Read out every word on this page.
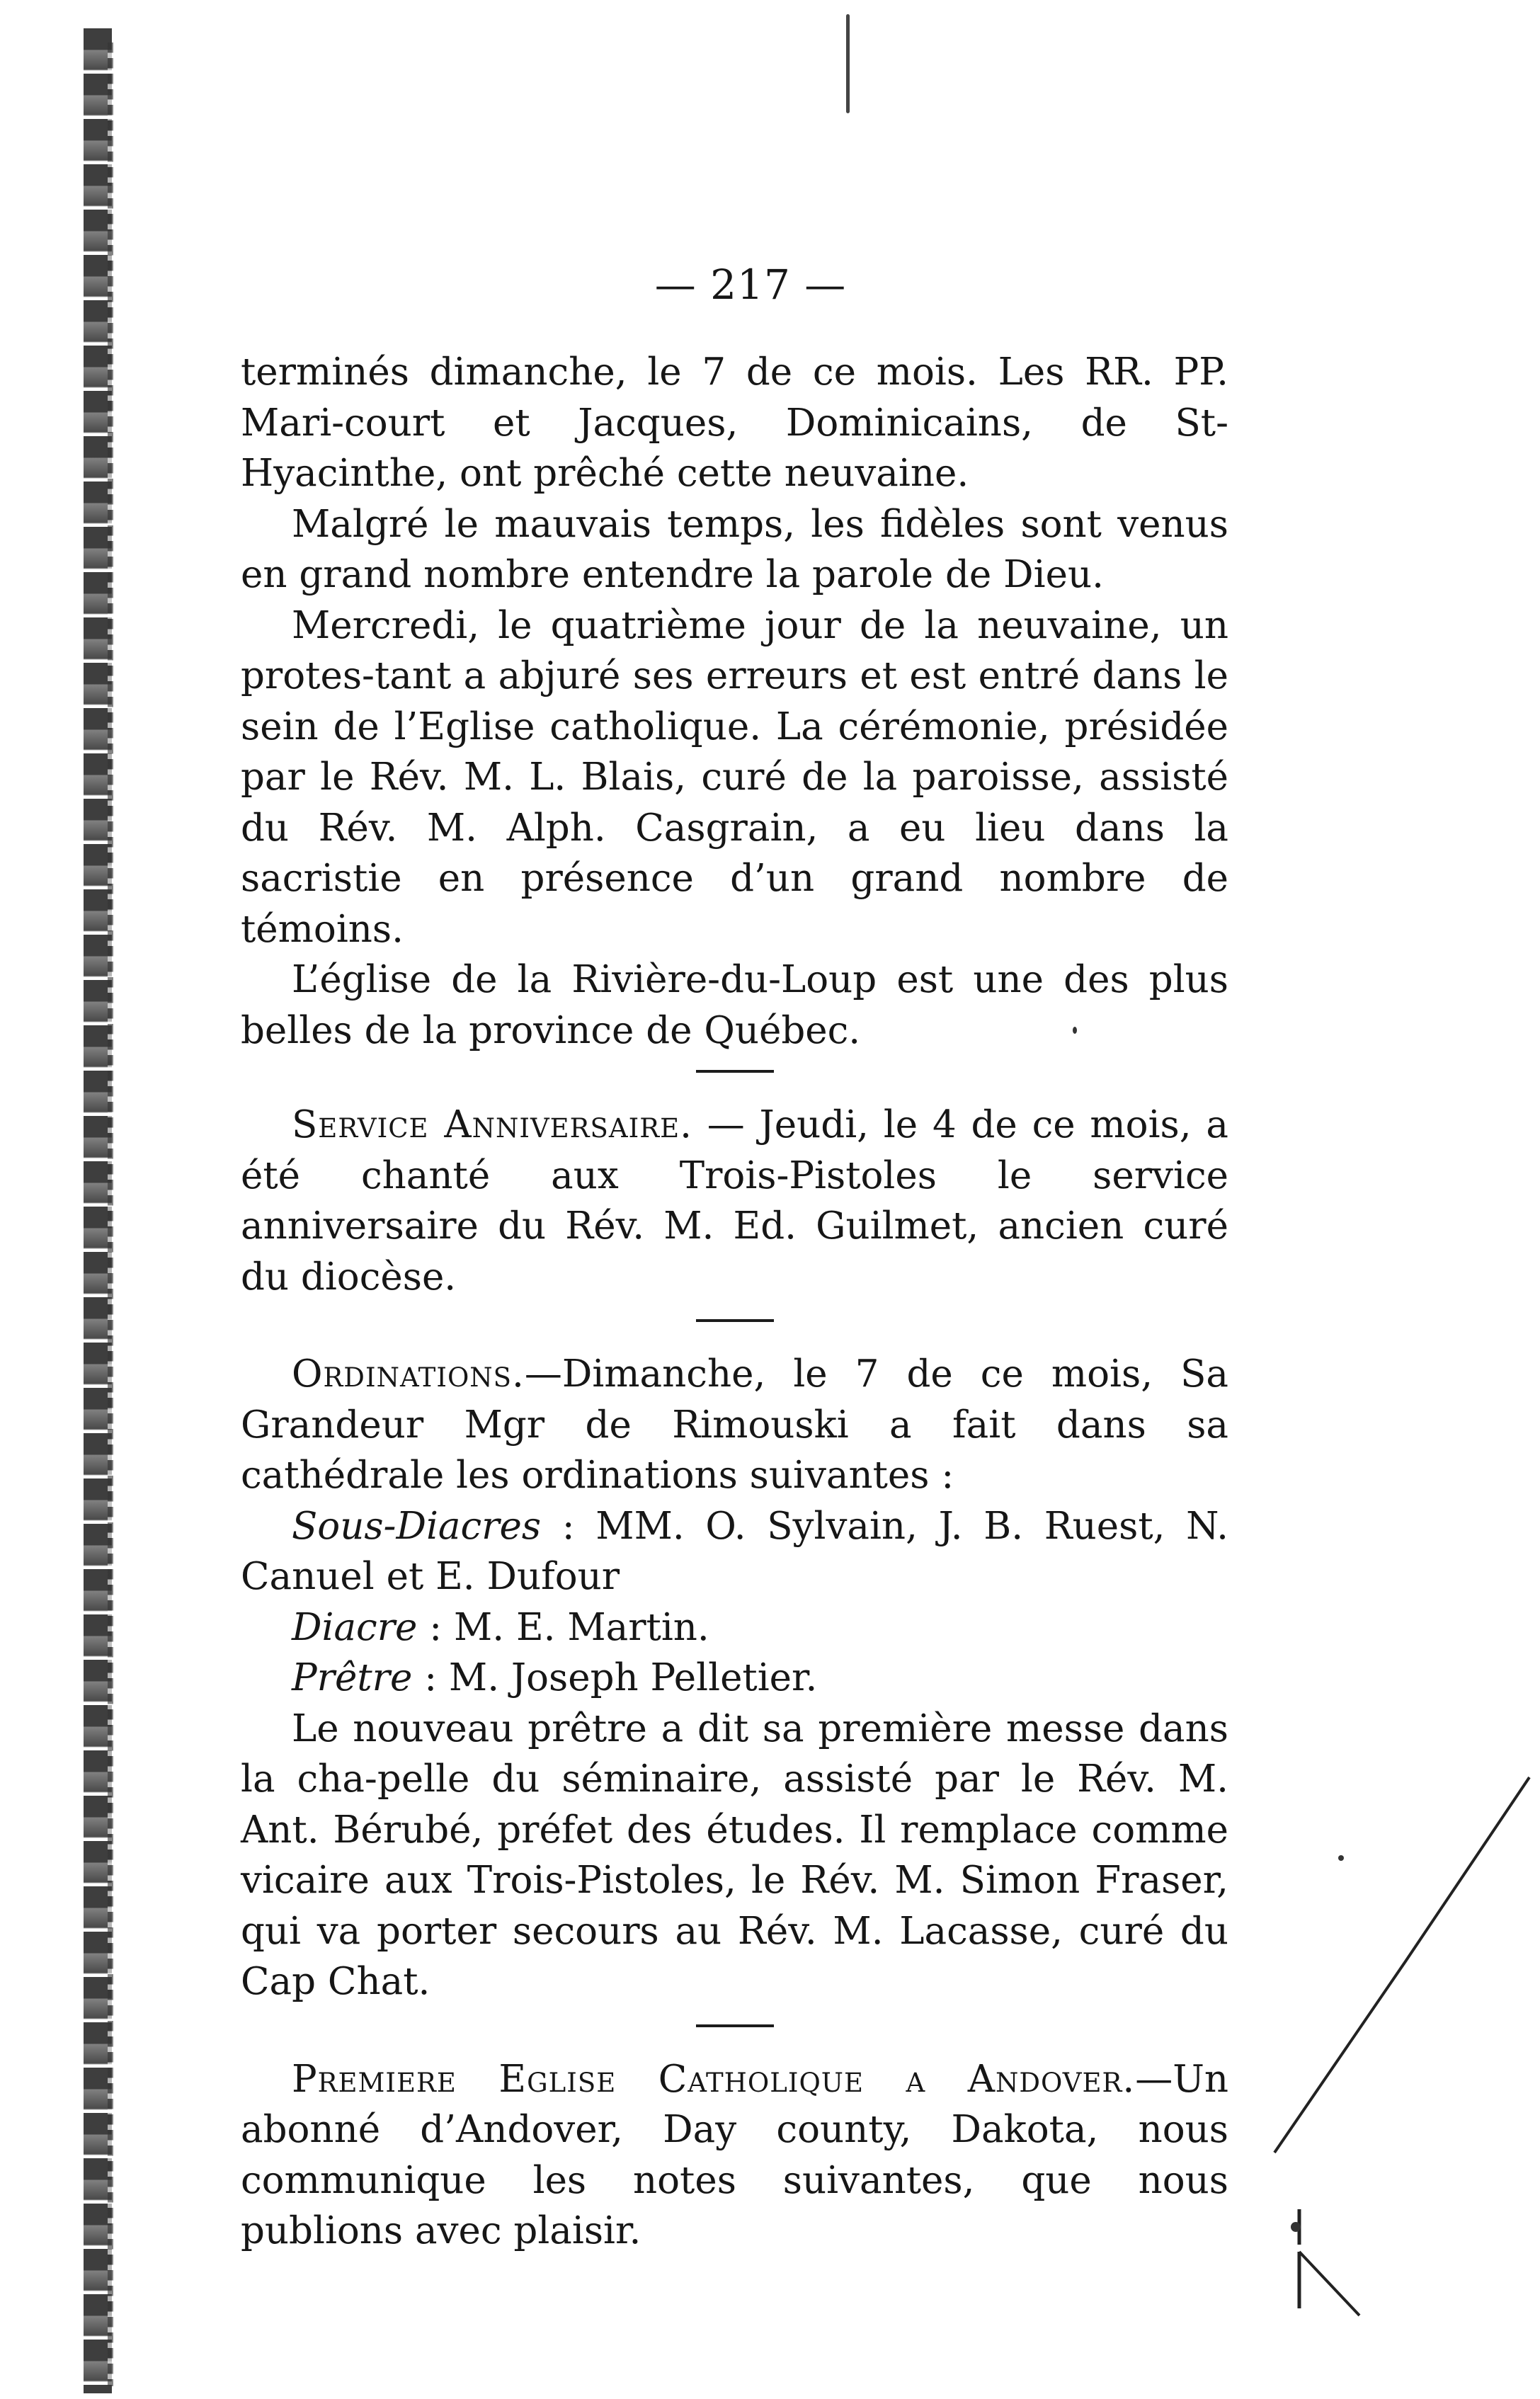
— 217 —

terminés dimanche, le 7 de ce mois. Les RR. PP. Mari-court et Jacques, Dominicains, de St-Hyacinthe, ont prêché cette neuvaine.

Malgré le mauvais temps, les fidèles sont venus en grand nombre entendre la parole de Dieu.

Mercredi, le quatrième jour de la neuvaine, un protes-tant a abjuré ses erreurs et est entré dans le sein de l’Eglise catholique. La cérémonie, présidée par le Rév. M. L. Blais, curé de la paroisse, assisté du Rév. M. Alph. Casgrain, a eu lieu dans la sacristie en présence d’un grand nombre de témoins.

L’église de la Rivière-du-Loup est une des plus belles de la province de Québec.

Service Anniversaire. — Jeudi, le 4 de ce mois, a été chanté aux Trois-Pistoles le service anniversaire du Rév. M. Ed. Guilmet, ancien curé du diocèse.

Ordinations.—Dimanche, le 7 de ce mois, Sa Grandeur Mgr de Rimouski a fait dans sa cathédrale les ordinations suivantes :

Sous-Diacres : MM. O. Sylvain, J. B. Ruest, N. Canuel et E. Dufour

Diacre : M. E. Martin.

Prêtre : M. Joseph Pelletier.

Le nouveau prêtre a dit sa première messe dans la cha-pelle du séminaire, assisté par le Rév. M. Ant. Bérubé, préfet des études. Il remplace comme vicaire aux Trois-Pistoles, le Rév. M. Simon Fraser, qui va porter secours au Rév. M. Lacasse, curé du Cap Chat.

Premiere Eglise Catholique a Andover.—Un abonné d’Andover, Day county, Dakota, nous communique les notes suivantes, que nous publions avec plaisir.
